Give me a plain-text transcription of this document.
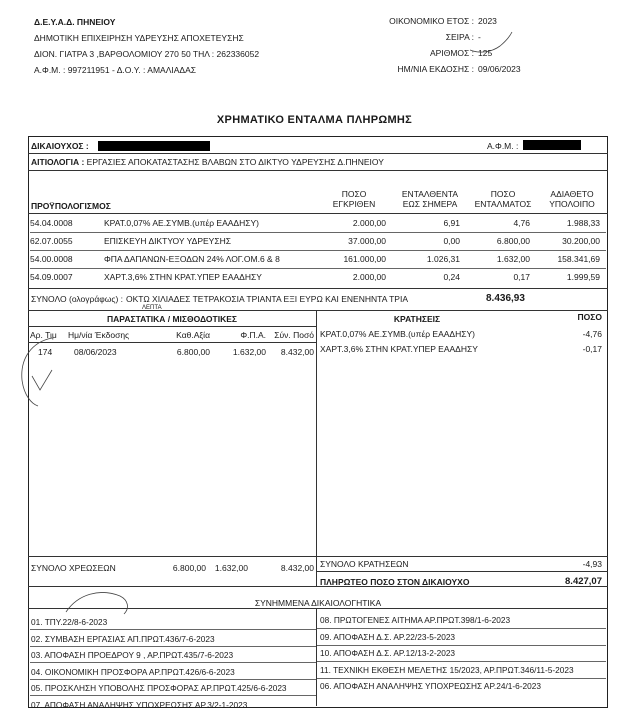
Δ.Ε.Υ.Α.Δ. ΠΗΝΕΙΟΥ
ΔΗΜΟΤΙΚΗ ΕΠΙΧΕΙΡΗΣΗ ΥΔΡΕΥΣΗΣ ΑΠΟΧΕΤΕΥΣΗΣ
ΔΙΟΝ. ΓΙΑΤΡΑ 3 ,ΒΑΡΘΟΛΟΜΙΟΥ 270 50 ΤΗΛ : 262336052
Α.Φ.Μ. : 997211951 - Δ.Ο.Υ. : ΑΜΑΛΙΑΔΑΣ
ΟΙΚΟΝΟΜΙΚΟ ΕΤΟΣ : 2023
ΣΕΙΡΑ : -
ΑΡΙΘΜΟΣ : 125
ΗΜ/ΝΙΑ ΕΚΔΟΣΗΣ : 09/06/2023
ΧΡΗΜΑΤΙΚΟ ΕΝΤΑΛΜΑ ΠΛΗΡΩΜΗΣ
ΔΙΚΑΙΟΥΧΟΣ :	Α.Φ.Μ. :
ΑΙΤΙΟΛΟΓΙΑ : ΕΡΓΑΣΙΕΣ ΑΠΟΚΑΤΑΣΤΑΣΗΣ ΒΛΑΒΩΝ ΣΤΟ ΔΙΚΤΥΟ ΥΔΡΕΥΣΗΣ Δ.ΠΗΝΕΙΟΥ
ΠΡΟΫΠΟΛΟΓΙΣΜΟΣ
ΠΟΣΟ
ΕΓΚΡΙΘΕΝ
ΕΝΤΑΛΘΕΝΤΑ
ΕΩΣ ΣΗΜΕΡΑ
ΠΟΣΟ
ΕΝΤΑΛΜΑΤΟΣ
ΑΔΙΑΘΕΤΟ
ΥΠΟΛΟΙΠΟ
54.04.0008	ΚΡΑΤ.0,07% ΑΕ.ΣΥΜΒ.(υπέρ ΕΑΑΔΗΣΥ)	2.000,00	6,91	4,76	1.988,33
62.07.0055	ΕΠΙΣΚΕΥΗ ΔΙΚΤΥΟΥ ΥΔΡΕΥΣΗΣ	37.000,00	0,00	6.800,00	30.200,00
54.00.0008	ΦΠΑ ΔΑΠΑΝΩΝ-ΕΞΟΔΩΝ 24% ΛΟΓ.ΟΜ.6 & 8	161.000,00	1.026,31	1.632,00	158.341,69
54.09.0007	ΧΑΡΤ.3,6% ΣΤΗΝ ΚΡΑΤ.ΥΠΕΡ ΕΑΑΔΗΣΥ	2.000,00	0,24	0,17	1.999,59
ΣΥΝΟΛΟ (ολογράφως) : ΟΚΤΩ ΧΙΛΙΑΔΕΣ ΤΕΤΡΑΚΟΣΙΑ ΤΡΙΑΝΤΑ ΕΞΙ ΕΥΡΩ ΚΑΙ ΕΝΕΝΗΝΤΑ ΤΡΙΑ	8.436,93
ΛΕΠΤΑ
ΠΑΡΑΣΤΑΤΙΚΑ / ΜΙΣΘΟΔΟΤΙΚΕΣ	ΚΡΑΤΗΣΕΙΣ	ΠΟΣΟ
Αρ. Τιμ Ημ/νία Έκδοσης	Καθ.Αξία	Φ.Π.Α. Σύν. Ποσό
174	08/06/2023	6.800,00	1.632,00	8.432,00
ΚΡΑΤ.0,07% ΑΕ.ΣΥΜΒ.(υπέρ ΕΑΑΔΗΣΥ)	-4,76
ΧΑΡΤ.3,6% ΣΤΗΝ ΚΡΑΤ.ΥΠΕΡ ΕΑΑΔΗΣΥ	-0,17
ΣΥΝΟΛΟ ΧΡΕΩΣΕΩΝ	6.800,00	1.632,00	8.432,00 ΣΥΝΟΛΟ ΚΡΑΤΗΣΕΩΝ	-4,93
ΠΛΗΡΩΤΕΟ ΠΟΣΟ ΣΤΟΝ ΔΙΚΑΙΟΥΧΟ	8.427,07
ΣΥΝΗΜΜΕΝΑ ΔΙΚΑΙΟΛΟΓΗΤΙΚΑ
01. ΤΠΥ.22/8-6-2023
02. ΣΥΜΒΑΣΗ ΕΡΓΑΣΙΑΣ ΑΠ.ΠΡΩΤ.436/7-6-2023
03. ΑΠΟΦΑΣΗ ΠΡΟΕΔΡΟΥ 9 , ΑΡ.ΠΡΩΤ.435/7-6-2023
04. ΟΙΚΟΝΟΜΙΚΗ ΠΡΟΣΦΟΡΑ ΑΡ.ΠΡΩΤ.426/6-6-2023
05. ΠΡΟΣΚΛΗΣΗ ΥΠΟΒΟΛΗΣ ΠΡΟΣΦΟΡΑΣ ΑΡ.ΠΡΩΤ.425/6-6-2023
07. ΑΠΟΦΑΣΗ ΑΝΑΛΗΨΗΣ ΥΠΟΧΡΕΩΣΗΣ ΑΡ.3/2-1-2023
08. ΠΡΩΤΟΓΕΝΕΣ ΑΙΤΗΜΑ ΑΡ.ΠΡΩΤ.398/1-6-2023
09. ΑΠΟΦΑΣΗ Δ.Σ. ΑΡ.22/23-5-2023
10. ΑΠΟΦΑΣΗ Δ.Σ. ΑΡ.12/13-2-2023
11. ΤΕΧΝΙΚΗ ΕΚΘΕΣΗ ΜΕΛΕΤΗΣ 15/2023, ΑΡ.ΠΡΩΤ.346/11-5-2023
06. ΑΠΟΦΑΣΗ ΑΝΑΛΗΨΗΣ ΥΠΟΧΡΕΩΣΗΣ ΑΡ.24/1-6-2023
